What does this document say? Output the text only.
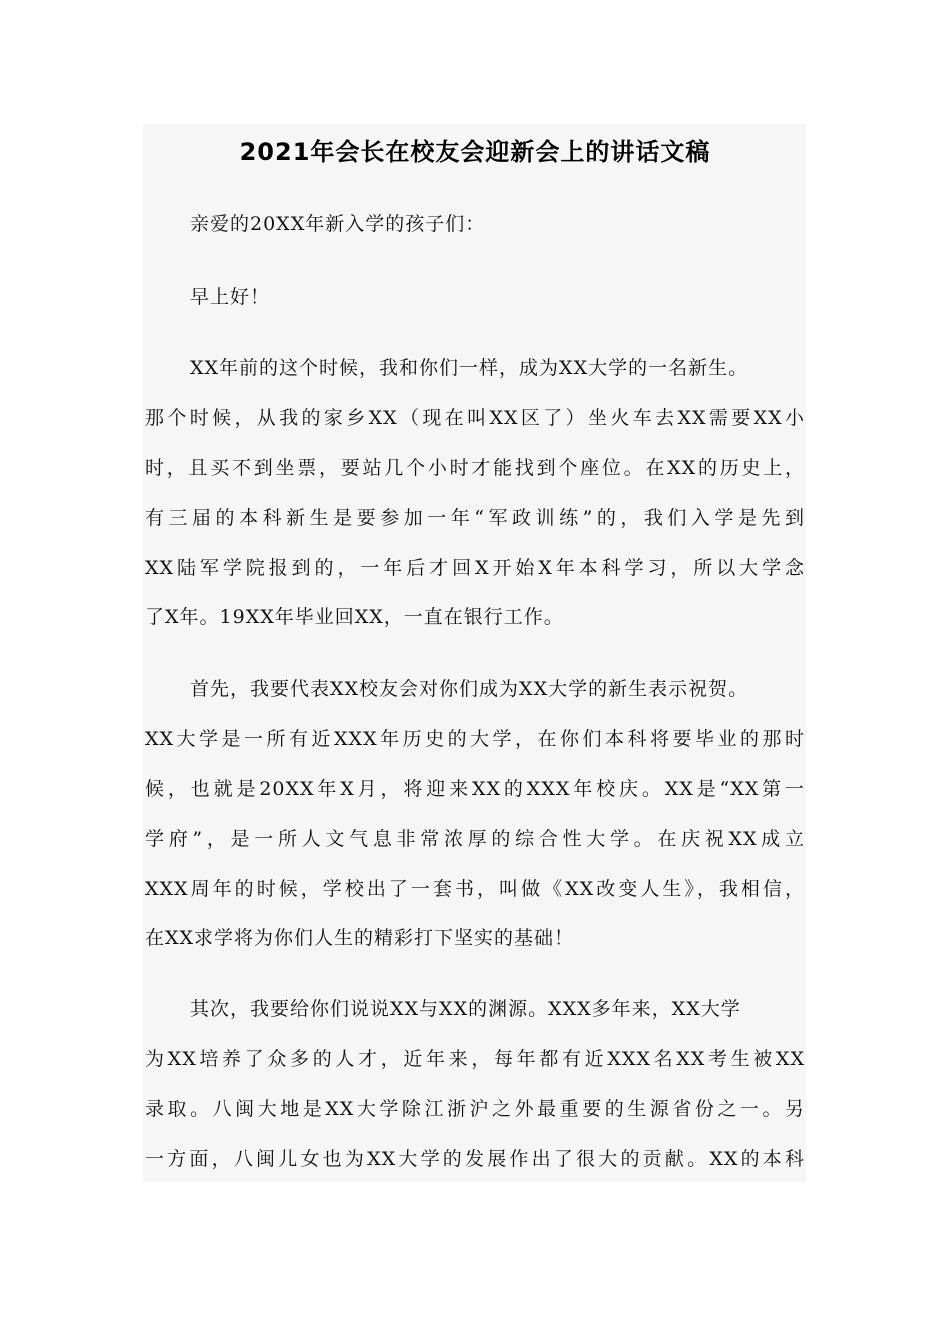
2021年会长在校友会迎新会上的讲话文稿
亲爱的20XX年新入学的孩子们：
早上好！
XX年前的这个时候，我和你们一样，成为XX大学的一名新生。
那个时候，从我的家乡XX（现在叫XX区了）坐火车去XX需要XX小
时，且买不到坐票，要站几个小时才能找到个座位。在XX的历史上，
有三届的本科新生是要参加一年“军政训练”的，我们入学是先到
XX陆军学院报到的，一年后才回X开始X年本科学习，所以大学念
了X年。19XX年毕业回XX，一直在银行工作。
首先，我要代表XX校友会对你们成为XX大学的新生表示祝贺。
XX大学是一所有近XXX年历史的大学，在你们本科将要毕业的那时
候，也就是20XX年X月，将迎来XX的XXX年校庆。XX是“XX第一
学府”，是一所人文气息非常浓厚的综合性大学。在庆祝XX成立
XXX周年的时候，学校出了一套书，叫做《XX改变人生》，我相信，
在XX求学将为你们人生的精彩打下坚实的基础！
其次，我要给你们说说XX与XX的渊源。XXX多年来，XX大学
为XX培养了众多的人才，近年来，每年都有近XXX名XX考生被XX
录取。八闽大地是XX大学除江浙沪之外最重要的生源省份之一。另
一方面，八闽儿女也为XX大学的发展作出了很大的贡献。XX的本科
